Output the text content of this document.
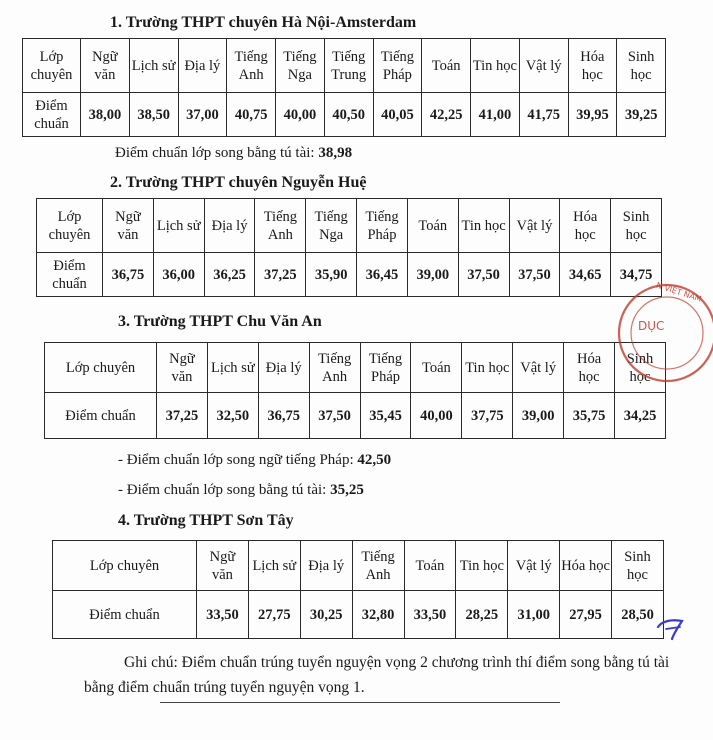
1. Trường THPT chuyên Hà Nội-Amsterdam
Lớp chuyên	Ngữ văn	Lịch sử	Địa lý	Tiếng Anh	Tiếng Nga	Tiếng Trung	Tiếng Pháp	Toán	Tin học	Vật lý	Hóa học	Sinh học
Điểm chuẩn	38,00	38,50	37,00	40,75	40,00	40,50	40,05	42,25	41,00	41,75	39,95	39,25

Điểm chuẩn lớp song bằng tú tài: 38,98

2. Trường THPT chuyên Nguyễn Huệ
Lớp chuyên	Ngữ văn	Lịch sử	Địa lý	Tiếng Anh	Tiếng Nga	Tiếng Pháp	Toán	Tin học	Vật lý	Hóa học	Sinh học
Điểm chuẩn	36,75	36,00	36,25	37,25	35,90	36,45	39,00	37,50	37,50	34,65	34,75
3. Trường THPT Chu Văn An
Lớp chuyên	Ngữ văn	Lịch sử	Địa lý	Tiếng Anh	Tiếng Pháp	Toán	Tin học	Vật lý	Hóa học	Sinh học
Điểm chuẩn	37,25	32,50	36,75	37,50	35,45	40,00	37,75	39,00	35,75	34,25

- Điểm chuẩn lớp song ngữ tiếng Pháp: 42,50

- Điểm chuẩn lớp song bằng tú tài: 35,25

4. Trường THPT Sơn Tây
Lớp chuyên	Ngữ văn	Lịch sử	Địa lý	Tiếng Anh	Toán	Tin học	Vật lý	Hóa học	Sinh học
Điểm chuẩn	33,50	27,75	30,25	32,80	33,50	28,25	31,00	27,95	28,50

Ghi chú: Điểm chuẩn trúng tuyển nguyện vọng 2 chương trình thí điểm song bằng tú tài bằng điểm chuẩn trúng tuyển nguyện vọng 1.

N VIỆT NAM
DỤC
